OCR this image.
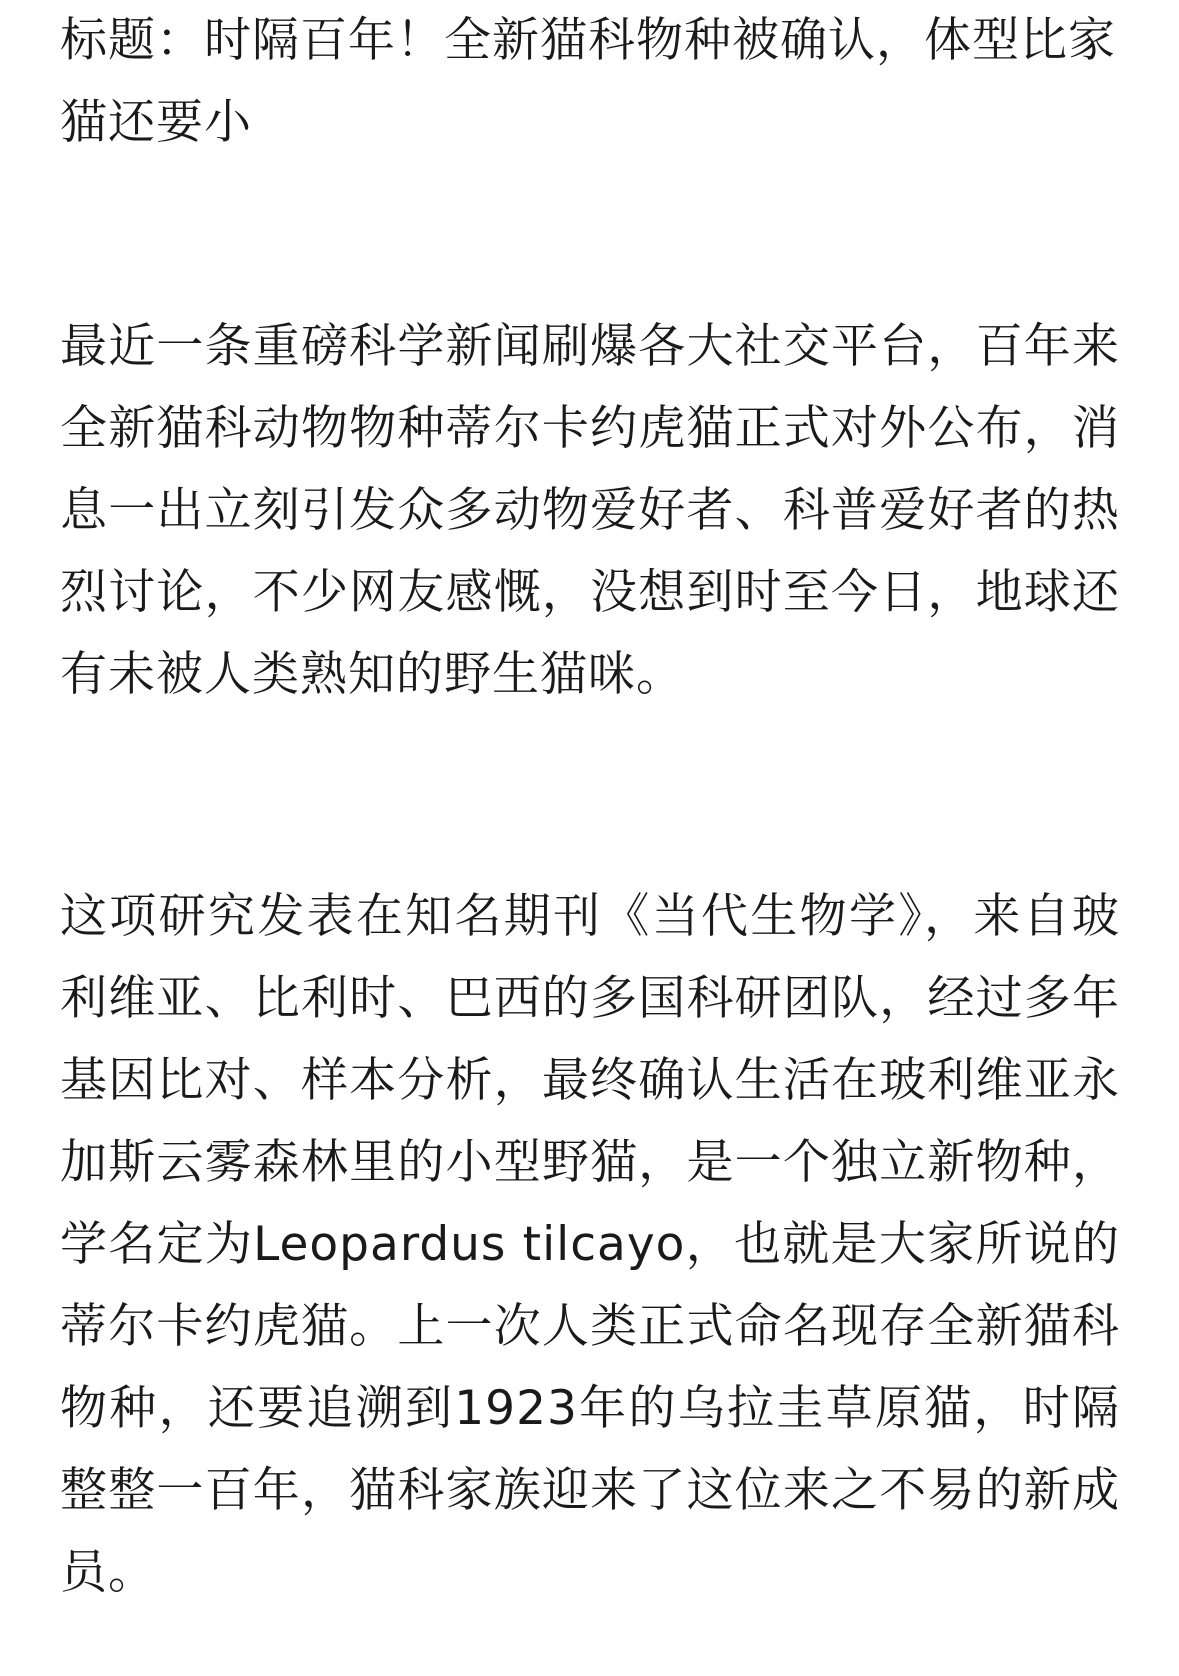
标题：时隔百年！全新猫科物种被确认，体型比家猫还要小

最近一条重磅科学新闻刷爆各大社交平台，百年来全新猫科动物物种蒂尔卡约虎猫正式对外公布，消息一出立刻引发众多动物爱好者、科普爱好者的热烈讨论，不少网友感慨，没想到时至今日，地球还有未被人类熟知的野生猫咪。

这项研究发表在知名期刊《当代生物学》，来自玻利维亚、比利时、巴西的多国科研团队，经过多年基因比对、样本分析，最终确认生活在玻利维亚永加斯云雾森林里的小型野猫，是一个独立新物种，学名定为Leopardus tilcayo，也就是大家所说的蒂尔卡约虎猫。上一次人类正式命名现存全新猫科物种，还要追溯到1923年的乌拉圭草原猫，时隔整整一百年，猫科家族迎来了这位来之不易的新成员。
